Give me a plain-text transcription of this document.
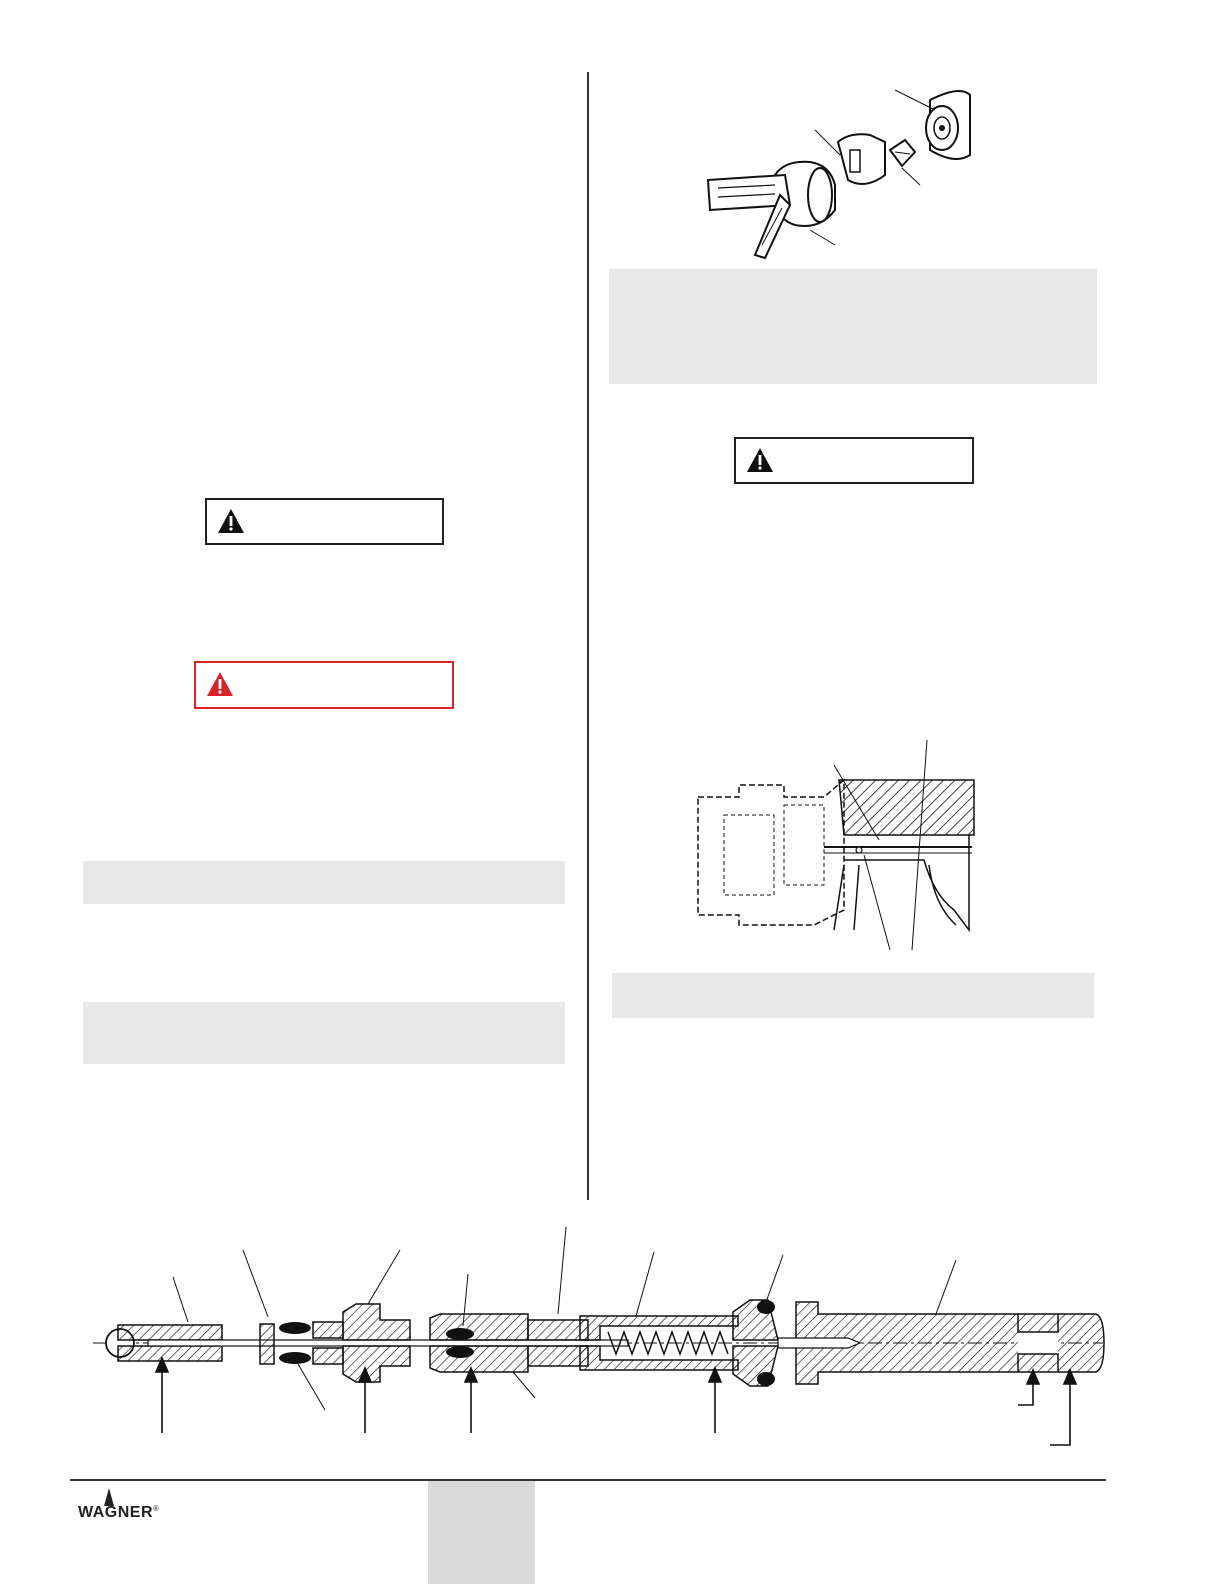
WAGNER®
